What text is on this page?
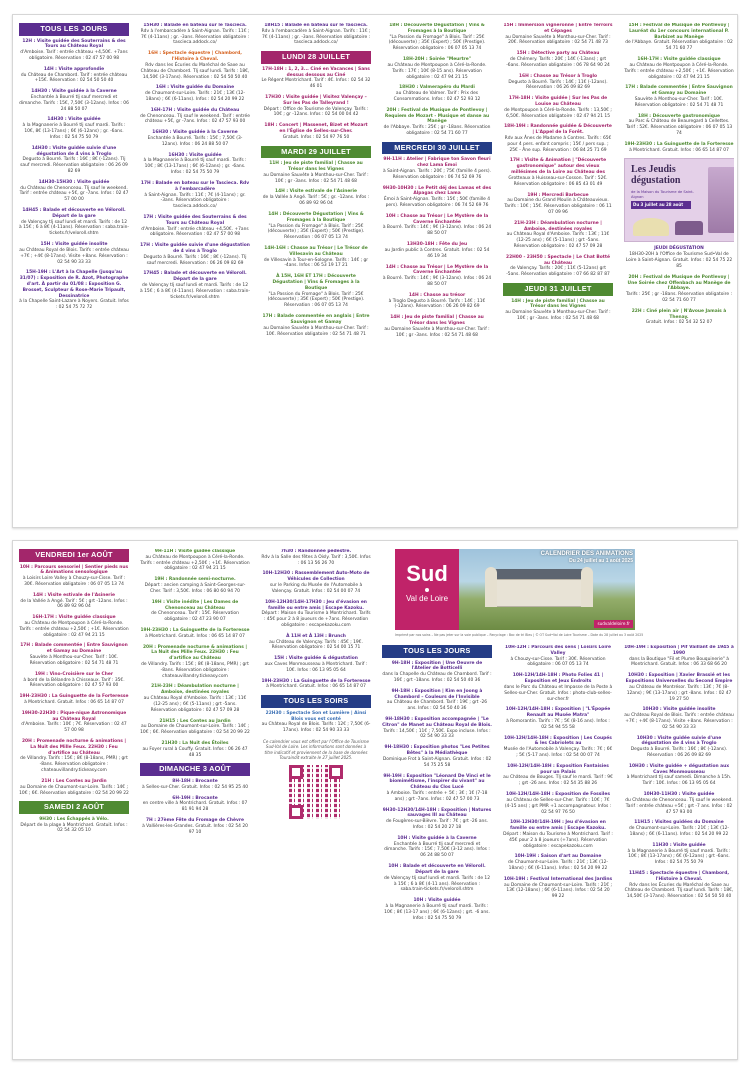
TOUS LES JOURS
12H : Visite guidée des Souterrains & des Tours au Château Royal
d'Amboise. Tarif : entrée château +4,50€. +7ans obligatoire. Réservation : 02 47 57 00 98
14H : Visite approfondie
du Château de Chambord. Tarif : entrée château +15€. Réservation : 02 54 50 50 40
14H30 : Visite guidée à la Caverne
Enchantée à Bourré tlj sauf mercredi et dimanche. Tarifs : 15€, 7,50€ (3-12ans). Infos : 06 24 88 50 07
14H30 : Visite guidée
à la Magnanerie à Bourré tlj sauf mardi. Tarifs : 10€, 8€ (13-17ans) ; 6€ (6-12ans) ; gr. -6ans. Infos : 02 54 75 50 79
14H30 : Visite guidée suivie d'une dégustation de 4 vins à Troglo
Degusto à Bourré. Tarifs : 16€ ; 8€ (-12ans). Tlj sauf mercredi. Réservation obligatoire : 06 26 09 82 69
14H30-15H30 : Visite guidée
du Château de Chenonceau. Tlj sauf le weekend. Tarif : entrée château +5€, gr -7ans. Infos : 02 47 57 00 00
14H45 : Balade et découverte en Véloroll. Départ de la gare
de Valençay tlj sauf lundi et mardi. Tarifs : de 12 à 15€ ; 6 à 8€ (4-11ans). Réservation : saba.train-tickets.fr/veloroll.shtm
15H : Visite guidée insolite
au Château Royal de Blois. Tarifs : entrée château +7€ ; +4€ (8-17ans). Visite +8ans. Réservation : 02 54 90 33 33
15H-19H : L'Art à la Chapelle (jusqu'au 31/07) : Exposition de R. Azot, Photographe d'art. À partir du 01/08 : Exposition G. Brosset, Sculpteur & Rose-Marie Tripault, Dessinatrice
à la Chapelle Saint-Lazare à Noyers. Gratuit. Infos : 02 54 75 72 72
15H30 : Balade en bateau sur le Tascieca.
Rdv à l'embarcadère à Saint-Aignan. Tarifs : 11€ ; 7€ (4-11ans) ; gr. -3ans. Réservation obligatoire : tascieca.addock.co/
16H : Spectacle équestre | Chambord, l'Histoire à Cheval.
Rdv dans les Écuries du Maréchal de Saxe au Château de Chambord. Tlj sauf lundi. Tarifs : 18€, 14,50€ (3-17ans). Réservation : 02 54 50 50 40
16H : Visite guidée du Domaine
de Chaumont-sur-Loire. Tarifs : 21€ ; 13€ (12-18ans) ; 6€ (6-11ans). Infos : 02 54 20 99 22
16H-17H : Visite guidée du Château
de Chenonceau. Tlj sauf le weekend. Tarif : entrée château +5€, gr -7ans. Infos : 02 47 57 93 00
16H30 : Visite guidée à la Caverne
Enchantée à Bourré. Tarifs : 15€ ; 7,50€ (3-12ans). Infos : 06 24 88 50 07
16H30 : Visite guidée
à la Magnanerie à Bourré tlj sauf mardi. Tarifs : 10€ ; 8€ (13-17ans) ; 6€ (6-12ans) ; gr. -6ans. Infos : 02 54 75 50 79
17H : Balade en bateau sur le Tascieca. Rdv à l'embarcadère
à Saint-Aignan. Tarifs : 11€ ; 7€ (4-11ans) ; gr. -3ans. Réservation obligatoire : tascieca.addock.co/
17H : Visite guidée des Souterrains & des Tours au Château Royal
d'Amboise. Tarif : entrée château +4,50€. +7ans obligatoire. Réservation : 02 47 57 00 98
17H : Visite guidée suivie d'une dégustation de 4 vins à Troglo
Degusto à Bourré. Tarifs : 16€ ; 8€ (-12ans). Tlj sauf mercredi. Réservation : 06 26 09 82 69
17H45 : Balade et découverte en Véloroll. Départ de la gare
de Valençay tlj sauf lundi et mardi. Tarifs : de 12 à 15€ ; 6 à 8€ (4-11ans). Réservation : saba.train-tickets.fr/veloroll.shtm
18H15 : Balade en bateau sur le Tascieca.
Rdv à l'embarcadère à Saint-Aignan. Tarifs : 11€ ; 7€ (4-11ans) ; gr. -3ans. Réservation obligatoire : tascieca.addock.co/
LUNDI 28 JUILLET
17H-18H : 1, 2, 3... Ciné en Vacances | Sans dessus dessous au Ciné
Le Régent Montrichard. Tarif : 4€. Infos : 02 54 32 46 01
17H30 : Visite guidée | Visitez Valençay – Sur les Pas de Talleyrand !
Départ : Office de Tourisme de Valençay. Tarifs : 10€ ; gr -12ans. Infos : 02 54 00 04 42
18H : Concert | Massenet, Bizet et Mozart en l'Église de Selles-sur-Cher.
Gratuit. Infos : 02 54 97 76 50
MARDI 29 JUILLET
11H : Jeu de piste familial | Chasse au Trésor dans les Vignes
au Domaine Sauvète à Monthou-sur-Cher. Tarif : 10€ ; gr -3ans. Infos : 02 54 71 48 68
14H : Visite estivale de l'Asinerie
de la Vallée à Angé. Tarif : 5€ ; gr. -12ans. Infos : 06 89 92 96 04
14H : Découverte Dégustation | Vins & Fromages à la Boutique
"La Passion du Fromage" à Blois. Tarif : 25€ (découverte) ; 35€ (Expert) ; 50€ (Prestige). Réservation : 06 07 05 13 74
14H-16H : Chasse au Trésor | Le Trésor de Villesavin au Château
de Villesavin à Tour-en-Sologne. Tarifs : 14€ ; gr -4ans. Infos : 06 53 19 17 21
À 15H, 16H ET 17H : Découverte Dégustation | Vins & Fromages à la Boutique
"La Passion du Fromage" à Blois. Tarif : 25€ (découverte) ; 35€ (Expert) ; 50€ (Prestige). Réservation : 06 07 05 13 74
17H : Balade commentée en anglais | Entre Sauvignon et Gamay
au Domaine Sauvète à Monthou-sur-Cher. Tarif : 10€. Réservation obligatoire : 02 54 71 48 71
18H : Découverte Dégustation | Vins & Fromages à la Boutique
"La Passion du Fromage" à Blois. Tarif : 25€ (découverte) ; 35€ (Expert) ; 50€ (Prestige). Réservation obligatoire : 06 07 05 13 74
18H-20H : Soirée "Meurtre"
au Château de Montpoupon à Céré-la-Ronde. Tarifs : 17€ ; 10€ (8-15 ans). Réservation obligatoire : 02 47 94 21 15
18H30 : Valmerapéro du Mardi
au Château de Valmer. Tarif : Prix des Consommations. Infos : 02 47 52 93 12
20H : Festival de Musique de Pontlevoy | Requiem de Mozart - Musique et danse au Manège
de l'Abbaye. Tarifs : 25€ ; gr -18ans. Réservation obligatoire : 02 54 71 60 77
MERCREDI 30 JUILLET
9H-11H : Atelier | Fabrique ton Savon fleuri chez Lama Emoi
à Saint-Aignan. Tarifs : 20€ ; 75€ (famille 4 pers). Réservation obligatoire : 06 74 52 69 76
9H30-10H30 : Le Petit déj des Lamas et des Alpagas chez Lama
Émoi à Saint-Aignan. Tarifs : 15€ ; 50€ (famille 4 pers). Réservation obligatoire : 06 74 52 69 76
10H : Chasse au Trésor | Le Mystère de la Caverne Enchantée
à Bourré. Tarifs : 14€ ; 9€ (3-12ans). Infos : 06 24 88 50 07
13H30-18H : Fête du Jeu
au Jardin public à Contres. Gratuit. Infos : 02 54 46 19 34
14H : Chasse au Trésor | Le Mystère de la Caverne Enchantée
à Bourré. Tarifs : 14€ ; 9€ (3-12ans). Infos : 06 24 88 50 07
14H : Chasse au trésor
à Troglo Degusto à Bourré. Tarifs : 14€ ; 11€ (-12ans). Réservation : 06 26 09 82 69
14H : Jeu de piste familial | Chasse au Trésor dans les Vignes
au Domaine Sauvète à Monthou-sur-Cher. Tarif : 10€ ; gr -3ans. Infos : 02 54 71 48 68
15H : Immersion vigneronne | Entre Terroirs et Cépages
au Domaine Sauvète à Monthou-sur-Cher. Tarif : 20€. Réservation obligatoire : 02 54 71 48 73
15H : Détective party au Château
de Chémery. Tarifs : 20€ ; 14€ (-13ans) ; grt -6ans. Réservation obligatoire : 06 78 64 90 24
16H : Chasse au Trésor à Troglo
Degusto à Bourré. Tarifs : 14€ ; 11€ (-12ans). Réservation : 06 26 09 82 69
17H-18H : Visite guidée | Sur les Pas de Louise au Château
de Montpoupon à Céré-la-Ronde. Tarifs : 13,50€ ; 6,50€. Réservation obligatoire : 02 47 94 21 15
18H-19H : Randonnée guidée & Découverte | L'Appel de la Forêt.
Rdv aux Ânes de Madame à Contres. Tarifs : 65€ pour 4 pers. enfant compris ; 15€ / pers sup. ; 25€ - Âne sup. Réservation : 06 84 25 71 69
17H : Visite & Animation | "Découverte gastronomique" autour des vieux millésimes de la Loire au Château des
Grotteaux à Huisseau-sur-Cosson. Tarif : 52€. Réservation obligatoire : 06 85 43 01 49
19H : Mercredi Barbecue
au Domaine du Grand Moulin à Châteauvieux. Tarifs : 10€ ; 15€. Réservation obligatoire : 06 11 07 09 96
21H-23H : Déambulation nocturne | Amboise, destinées royales
au Château Royal d'Amboise. Tarifs : 13€ ; 11€ (12-25 ans) ; 6€ (5-11ans) ; grt -5ans. Réservation obligatoire : 02 47 57 09 28
22H00 - 23H50 : Spectacle | Le Chat Botté au Château
de Valençay. Tarifs : 20€ ; 11€ (5-12ans) grt -5ans. Réservation obligatoire : 07 66 82 87 87
JEUDI 31 JUILLET
14H : Jeu de piste familial | Chasse au Trésor dans les Vignes
au Domaine Sauvète à Monthou-sur-Cher. Tarif : 10€ ; gr -3ans. Infos : 02 54 71 48 68
15H : Festival de Musique de Pontlevoy | Lauréat du 1er concours international P. Barbizet au Manège
de l'Abbaye. Gratuit. Réservation obligatoire : 02 54 71 60 77
16H-17H : Visite guidée classique
au Château de Montpoupon à Céré-la-Ronde. Tarifs : entrée château +2,50€ ; +1€. Réservation obligatoire : 02 47 94 21 15
17H : Balade commentée | Entre Sauvignon et Gamay au Domaine
Sauvète à Monthou-sur-Cher. Tarif : 10€. Réservation obligatoire : 02 54 71 48 71
18H : Découverte gastronomique
au Parc & Château de Beauregard à Cellettes. Tarif : 52€. Réservation obligatoire : 06 07 05 13 74
19H-23H30 : La Guinguette de la Forteresse
à Montrichard. Gratuit. Infos : 06 65 14 87 07
Les Jeudis dégustation
de la Maison du Tourisme de Saint-Aignan
Du 3 juillet au 28 août
JEUDI DÉGUSTATION
18H30-20H à l'Office de Tourisme Sud•Val de Loire à Saint-Aignan. Gratuit. Infos : 02 54 75 22 85
20H : Festival de Musique de Pontlevoy | Une Soirée chez Offenbach au Manège de l'Abbaye.
Tarifs : 25€ ; gr -18ans. Réservation obligatoire : 02 54 71 60 77
22H : Ciné plein air | N'Avoue Jamais à Thenay.
Gratuit. Infos : 02 54 32 52 07
VENDREDI 1er AOÛT
10H : Parcours sensoriel | Sentier pieds nus & Animations sensologique
à Loisirs Loire Valley à Chouzy-sur-Cisse. Tarif : 30€. Réservation obligatoire : 06 07 05 13 74
14H : Visite estivale de l'Asinerie
de la Vallée à Angé. Tarif : 5€ ; grt -12ans. Infos : 06 89 92 96 04
16H-17H : Visite guidée classique
au Château de Montpoupon à Céré-la-Ronde. Tarifs : entrée château +2,50€ ; +1€. Réservation obligatoire : 02 47 94 21 15
17H : Balade commentée | Entre Sauvignon et Gamay au Domaine
Sauvète à Monthou-sur-Cher. Tarif : 10€. Réservation obligatoire : 02 54 71 48 71
19H : Vino-Croisière sur le Cher
à bord de la Bélandre à Chisseaux. Tarif : 35€. Réservation obligatoire : 02 47 57 93 00
19H-23H30 : La Guinguette de la Forteresse
à Montrichard. Gratuit. Infos : 06 65 14 87 07
19H30-22H30 : Pique-nique Astronomique au Château Royal
d'Amboise. Tarifs : 10€ ; 7€. Réservation : 02 47 57 00 98
20H : Promenade nocturne & animations | La Nuit des Mille Feux. 22H30 : Feu d'artifice au Château
de Villandry. Tarifs : 15€ ; 8€ (8-18ans, PMR) ; grt -8ans. Réservation obligatoire : chateauvillandry.tickeasy.com
21H : Les Contes au Jardin
au Domaine de Chaumont-sur-Loire. Tarifs : 14€ ; 10€ ; 6€. Réservation obligatoire : 02 54 20 99 22
SAMEDI 2 AOÛT
9H30 : Les Échappés à Vélo.
Départ de la plage à Montrichard. Gratuit. Infos : 02 54 32 05 10
9H-11H : Visite guidée classique
au Château de Montpoupon à Céré-la-Ronde. Tarifs : entrée château +2,50€ ; +1€. Réservation obligatoire : 02 47 94 21 15
19H : Randonnée semi-nocturne.
Départ : ancien camping à Saint-Georges-sur-Cher. Tarif : 3,50€. Infos : 06 80 60 94 70
19H : Visite inédite | Les Dames de Chenonceau au Château
de Chenonceau. Tarif : 15€. Réservation obligatoire : 02 47 23 90 07
19H-23H30 : La Guinguette de la Forteresse
à Montrichard. Gratuit. Infos : 06 65 14 87 07
20H : Promenade nocturne & animations | La Nuit des Mille Feux. 22H30 : Feu d'artifice au Château
de Villandry. Tarifs : 15€ ; 8€ (8-18ans, PMR) ; grt -8ans. Réservation obligatoire : chateauvillandry.tickeasy.com
21H-23H : Déambulation nocturne | Amboise, destinées royales
au Château Royal d'Amboise. Tarifs : 13€ ; 11€ (12-25 ans) ; 6€ (5-11ans) ; grt -5ans. Réservation obligatoire : 02 47 57 09 28
21H15 : Les Contes au Jardin
au Domaine de Chaumont-sur-Loire. Tarifs : 14€ ; 10€ ; 6€. Réservation obligatoire : 02 54 20 99 22
21H30 : La Nuit des Étoiles
au Foyer rural à Couffy. Gratuit. Infos : 06 26 47 48 35
DIMANCHE 3 AOÛT
8H-18H : Brocante
à Selles-sur-Cher. Gratuit. Infos : 02 54 95 25 40
6H-19H : Brocante
en centre ville à Montrichard. Gratuit. Infos : 07 81 91 94 28
7H : 27ème Fête du Fromage de Chèvre
à Vallières-les-Grandes. Gratuit. Infos : 02 54 20 97 10
7h30 : Randonnée pédestre.
Rdv à la Salle des fêtes à Oisly. Tarif : 3,50€. Infos : 06 13 56 26 70
10H-12H30 : Rassemblement Auto-Moto de Véhicules de Collection
sur le Parking du Musée de l'Automobile à Valençay. Gratuit. Infos : 02 54 00 07 74
10H-12H30/14H-17H30 : Jeu d'évasion en famille ou entre amis | Escape Kazoku.
Départ : Maison du Tourisme à Montrichard. Tarifs : 45€ pour 2 à 8 joueurs de +7ans. Réservation obligatoire : escapekazoku.com
À 11H et À 13H : Brunch
au Château de Valençay. Tarifs : 45€ ; 19€. Réservation obligatoire : 02 54 00 15 71
15H : Visite guidée & dégustation
aux Caves Monmousseau à Montrichard. Tarif : 10€. Infos : 06 13 95 05 64
19H-23H30 : La Guinguette de la Forteresse
à Montrichard. Gratuit. Infos : 06 65 14 87 07
TOUS LES SOIRS
22H30 : Spectacle Son et Lumière | Ainsi Blois vous est conté
au Château Royal de Blois. Tarifs : 12€ ; 7,50€ (6-17ans). Infos : 02 54 90 33 33
Ce calendrier vous est offert par l'Office de Tourisme Sud-Val de Loire. Les informations sont données à titre indicatif et proviennent de la base de données Touraindit extraite le 27 juillet 2025.
Sud
Val de Loire
CALENDRIER DES ANIMATIONS
Du 24 juillet au 1 août 2025
sudvaldeloire.fr
Imprimé par nos soins – Ne pas jeter sur la voie publique – Recyclage : Bac de tri Bleu | © OT Sud•Val de Loire Tourisme – Date du 28 juillet au 3 août 2025
TOUS LES JOURS
9H-18H : Exposition | Une Oeuvre de l'Atelier de Botticelli
dans la Chapelle du Château de Chambord. Tarif : 16€ ; grt -18ans. Infos : 02 54 50 40 36
9H-18H : Exposition | Kim en Joong à Chambord – Couleurs de l'Invisible
au Château de Chambord. Tarif : 19€ ; grt -26 ans. Infos : 02 54 50 40 36
9H-18H30 : Exposition accompagnée | "Le Citron" de Manet au Château Royal de Blois.
Tarifs : 14,50€ ; 11€ ; 7,50€. Expo incluse. Infos : 02 54 90 33 33
9H-18H30 : Exposition photos "Les Petites Bêtes" à la Médiathèque
Dominique Frot à Saint-Aignan. Gratuit. Infos : 02 54 75 25 58
9H-19H : Exposition "Léonard De Vinci et le biomimétisme, l'inspirer du vivant" au Château du Clos Lucé
à Amboise. Tarifs : entrée + 5€ ; 3€ ; 1€ (7-18 ans) ; grt -7ans. Infos : 02 47 57 00 73
9H30-12H30/14H-18H : Exposition | Natures sauvages III au Château
de Fougères-sur-Bièvre. Tarif : 7€ ; grt -26 ans. Infos : 02 54 20 27 18
10H : Visite guidée à la Caverne
Enchantée à Bourré tlj sauf mercredi et dimanche. Tarifs : 15€ ; 7,50€ (3-12 ans). Infos : 06 24 88 50 07
10H : Balade et découverte en Véloroll. Départ de la gare
de Valençay tlj sauf lundi et mardi. Tarifs : de 12 à 15€ ; 6 à 8€ (4-11 ans). Réservation : saba.train-tickets.fr/veloroll.shtm
10H : Visite guidée
à la Magnanerie à Bourré tlj sauf mardi. Tarifs : 10€ ; 8€ (13-17 ans) ; 6€ (6-12ans) ; grt. -6 ans. Infos : 02 54 75 50 79
10H-12H : Parcours des sens | Loisirs Loire Valley
à Chouzy-sur-Cisse. Tarif : 30€. Réservation obligatoire : 06 07 05 13 74
10H-12H/14H-18H : Photo Folies 41 | Exposition et Jeux Endroits
dans le Parc du Château et Impasse de la Poste à Selles-sur-Cher. Gratuit. Infos : photo-club-selles-sur-cher.fr
10H-12H/14H-18H : Exposition | "L'Épopée Renault au Musée Matra"
à Romorantin. Tarifs : 7€ ; 5€ (8-16 ans). Infos : 02 54 94 55 58
10H-12H/14H-18H : Exposition | Les Coupés & les Cabriolets au
Musée de l'Automobile à Valençay. Tarifs : 7€ ; 6€ ; 5€ (5-17 ans). Infos : 02 54 00 07 74
10H-12H/14H-18H : Exposition Fantaisies pour un Palais
au Château de Bouges. Tlj sauf le mardi. Tarif : 9€ ; grt -26 ans. Infos : 02 54 35 88 26
10H-12H/14H-18H : Exposition de Fossiles
au Château de Selles-sur-Cher. Tarifs : 10€ ; 7€ (4-15 ans) ; grt PMR +1 accompagnateur. Infos : 02 54 97 76 50
10H-12H30/14H-19H : Jeu d'évasion en famille ou entre amis | Escape Kazoku.
Départ : Maison du Tourisme à Montrichard. Tarif : 45€ pour 2 à 8 joueurs (+7ans). Réservation obligatoire : escapekazoku.com
10H-19H : Saison d'art au Domaine
de Chaumont-sur-Loire. Tarifs : 21€ ; 13€ (12-18ans) ; 6€ (6-11ans). Infos : 02 54 20 99 22
10H-19H : Festival International des Jardins
au Domaine de Chaumont-sur-Loire. Tarifs : 21€ ; 13€ (12-18ans) ; 6€ (6-11ans). Infos : 02 54 20 99 22
10H-19H : Exposition | Pif Vaillant de 1945 à 1990
dans la Boutique "Fil et Plume Bouquinerie" à Montrichard. Gratuit. Infos : 06 33 68 66 20
10H30 : Exposition | Xavier Brassié et les Expositions Universelles du Second Empire
au Château de Montrésor. Tarifs : 13€ ; 7€ (8-12ans) ; 9€ (13-17ans) ; grt -8ans. Infos : 02 47 19 27 50
10H30 : Visite guidée insolite
au Château Royal de Blois. Tarifs : entrée château +7€ ; +4€ (8-17ans). Visite +8ans. Réservation : 02 54 90 33 33
10H30 : Visite guidée suivie d'une dégustation de 4 vins à Troglo
Degusto à Bourré. Tarifs : 16€ ; 8€ (-12ans). Réservation : 06 26 09 82 69
10H30 : Visite guidée + dégustation aux Caves Monmousseau
à Montrichard tlj sauf samedi. Dimanche à 15h. Tarif : 10€. Infos : 06 13 95 05 64
10H30-11H30 : Visite guidée
du Château de Chenonceau. Tlj sauf le weekend. Tarif : entrée château +5€ ; grt -7 ans. Infos : 02 47 57 93 00
11H15 : Visites guidées du Domaine
de Chaumont-sur-Loire. Tarifs : 21€ ; 13€ (12-18ans) ; 6€ (6-11ans). Infos : 02 54 20 99 22
11H30 : Visite guidée
à la Magnanerie à Bourré tlj sauf mardi. Tarifs : 10€ ; 8€ (13-17ans) ; 6€ (6-12ans) ; grt -6ans. Infos : 02 54 75 50 79
11H45 : Spectacle équestre | Chambord, l'Histoire à Cheval.
Rdv dans les Écuries du Maréchal de Saxe au Château de Chambord. Tlj sauf lundi. Tarifs : 18€, 14,50€ (3-17ans). Réservation : 02 54 50 50 40
